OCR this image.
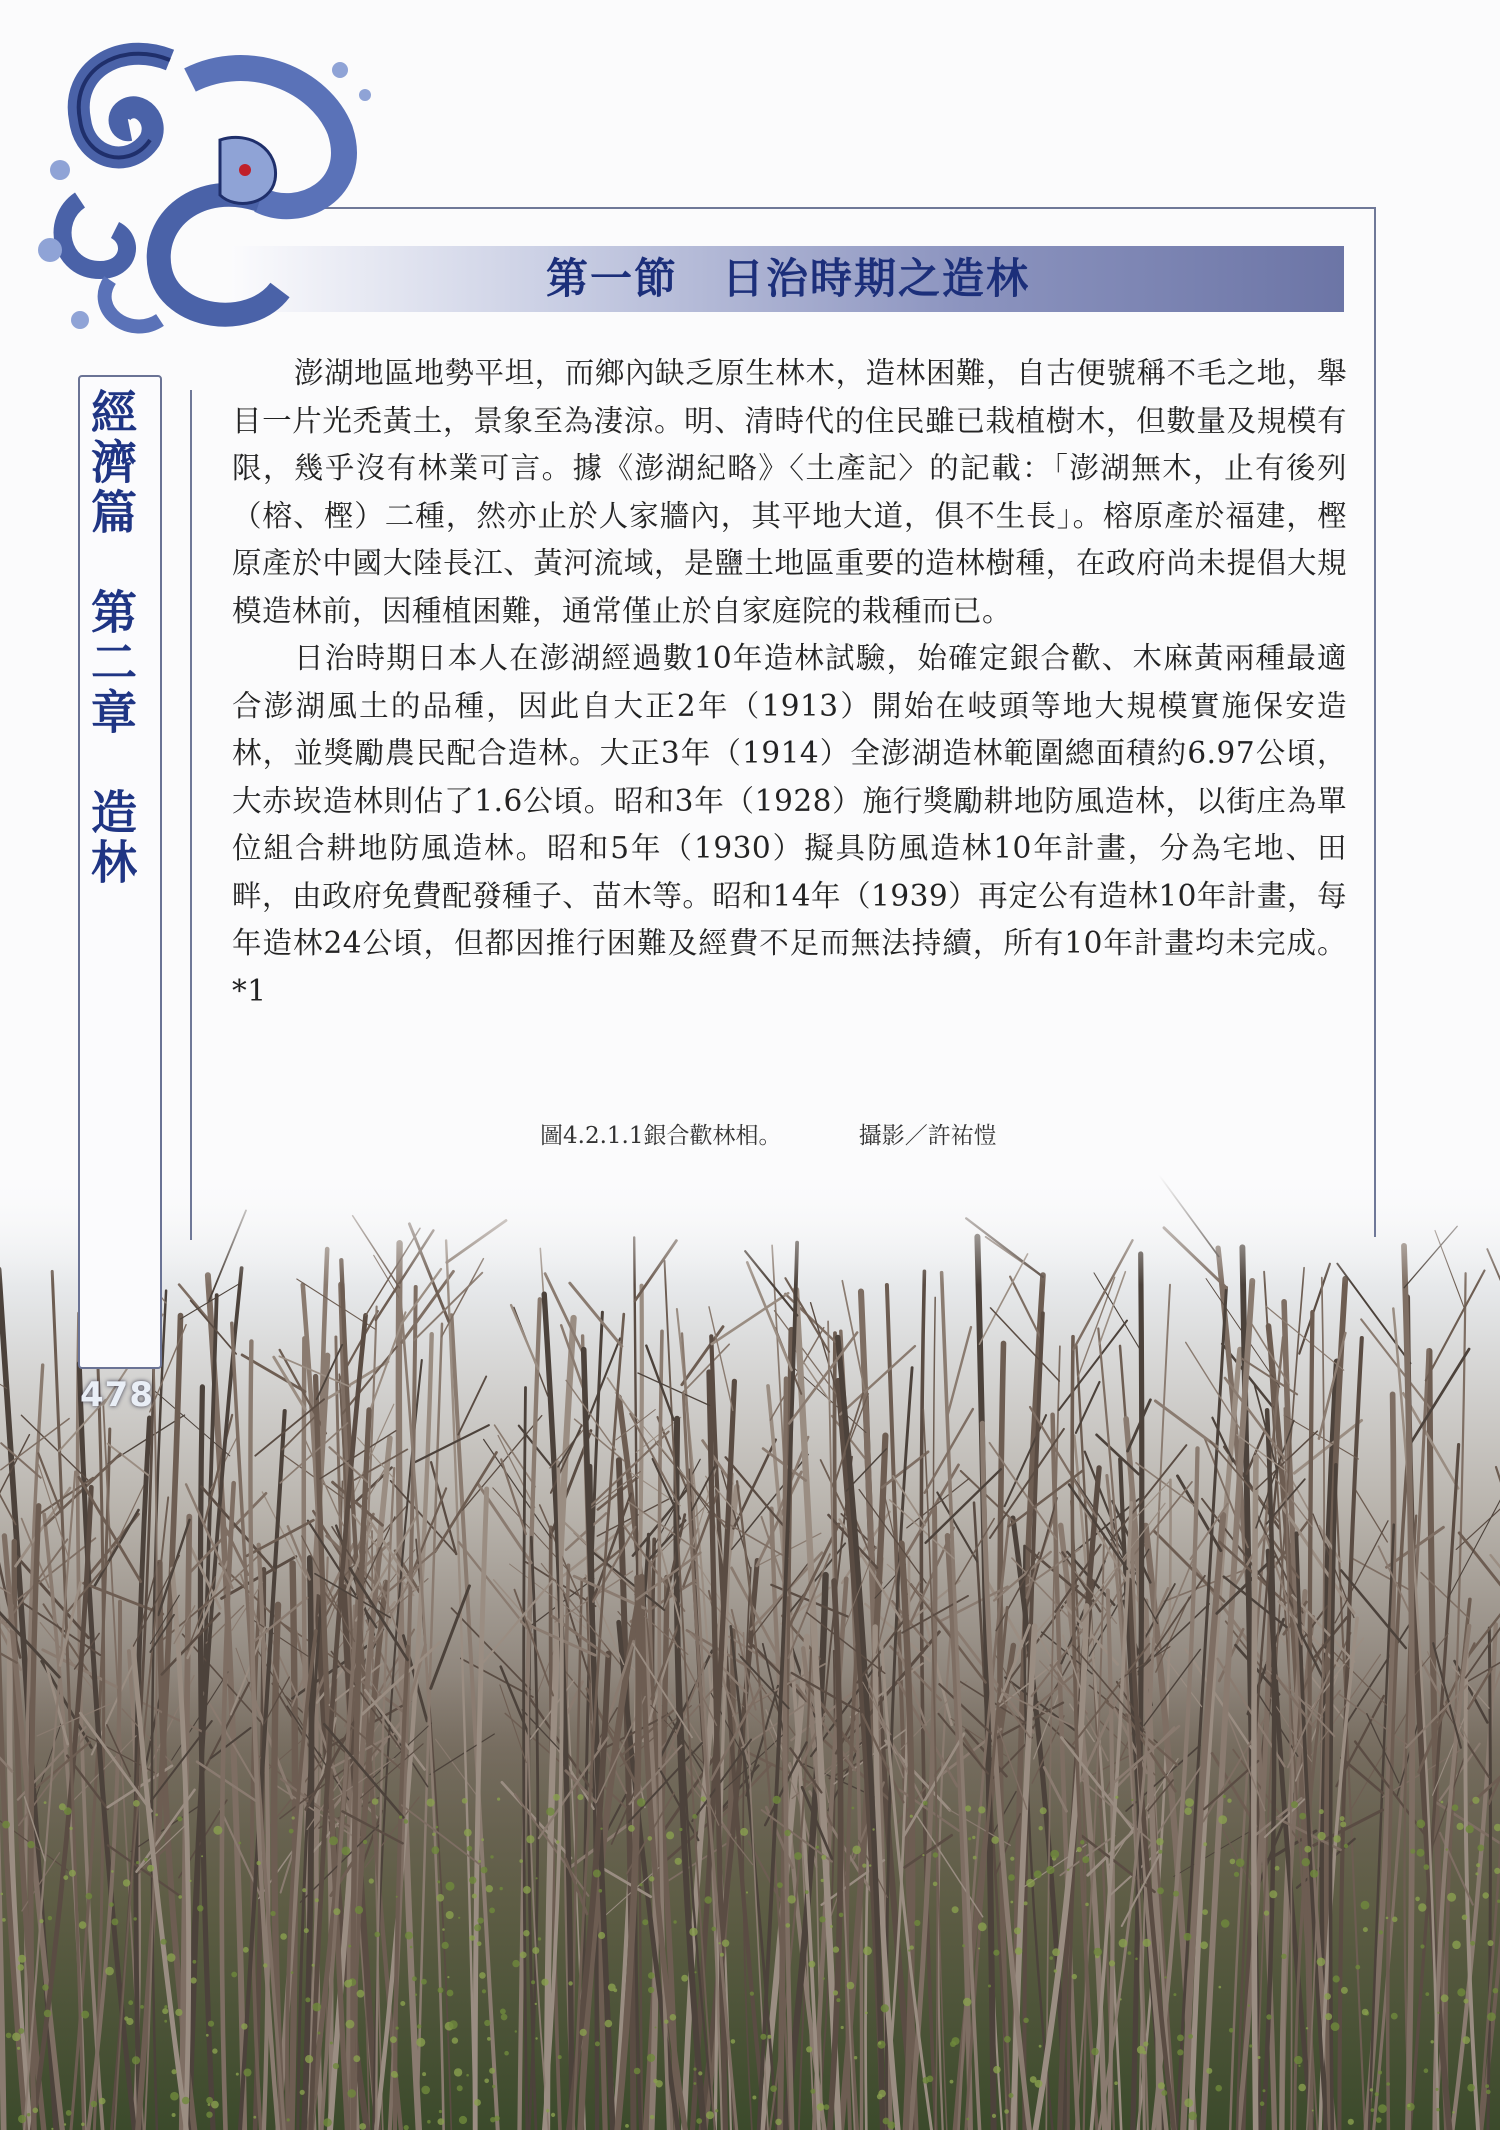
第一節　日治時期之造林
經濟篇　第二章　造林
478

澎湖地區地勢平坦，而鄉內缺乏原生林木，造林困難，自古便號稱不毛之地，舉目一片光禿黃土，景象至為淒涼。明、清時代的住民雖已栽植樹木，但數量及規模有限，幾乎沒有林業可言。據《澎湖紀略》〈土產記〉的記載：「澎湖無木，止有後列（榕、樫）二種，然亦止於人家牆內，其平地大道，俱不生長」。榕原產於福建，樫原產於中國大陸長江、黃河流域，是鹽土地區重要的造林樹種，在政府尚未提倡大規模造林前，因種植困難，通常僅止於自家庭院的栽種而已。

日治時期日本人在澎湖經過數10年造林試驗，始確定銀合歡、木麻黃兩種最適合澎湖風土的品種，因此自大正2年（1913）開始在岐頭等地大規模實施保安造林，並獎勵農民配合造林。大正3年（1914）全澎湖造林範圍總面積約6.97公頃，大赤崁造林則佔了1.6公頃。昭和3年（1928）施行獎勵耕地防風造林，以街庄為單位組合耕地防風造林。昭和5年（1930）擬具防風造林10年計畫，分為宅地、田畔，由政府免費配發種子、苗木等。昭和14年（1939）再定公有造林10年計畫，每年造林24公頃，但都因推行困難及經費不足而無法持續，所有10年計畫均未完成。*1

圖4.2.1.1銀合歡林相。	攝影／許祐愷
